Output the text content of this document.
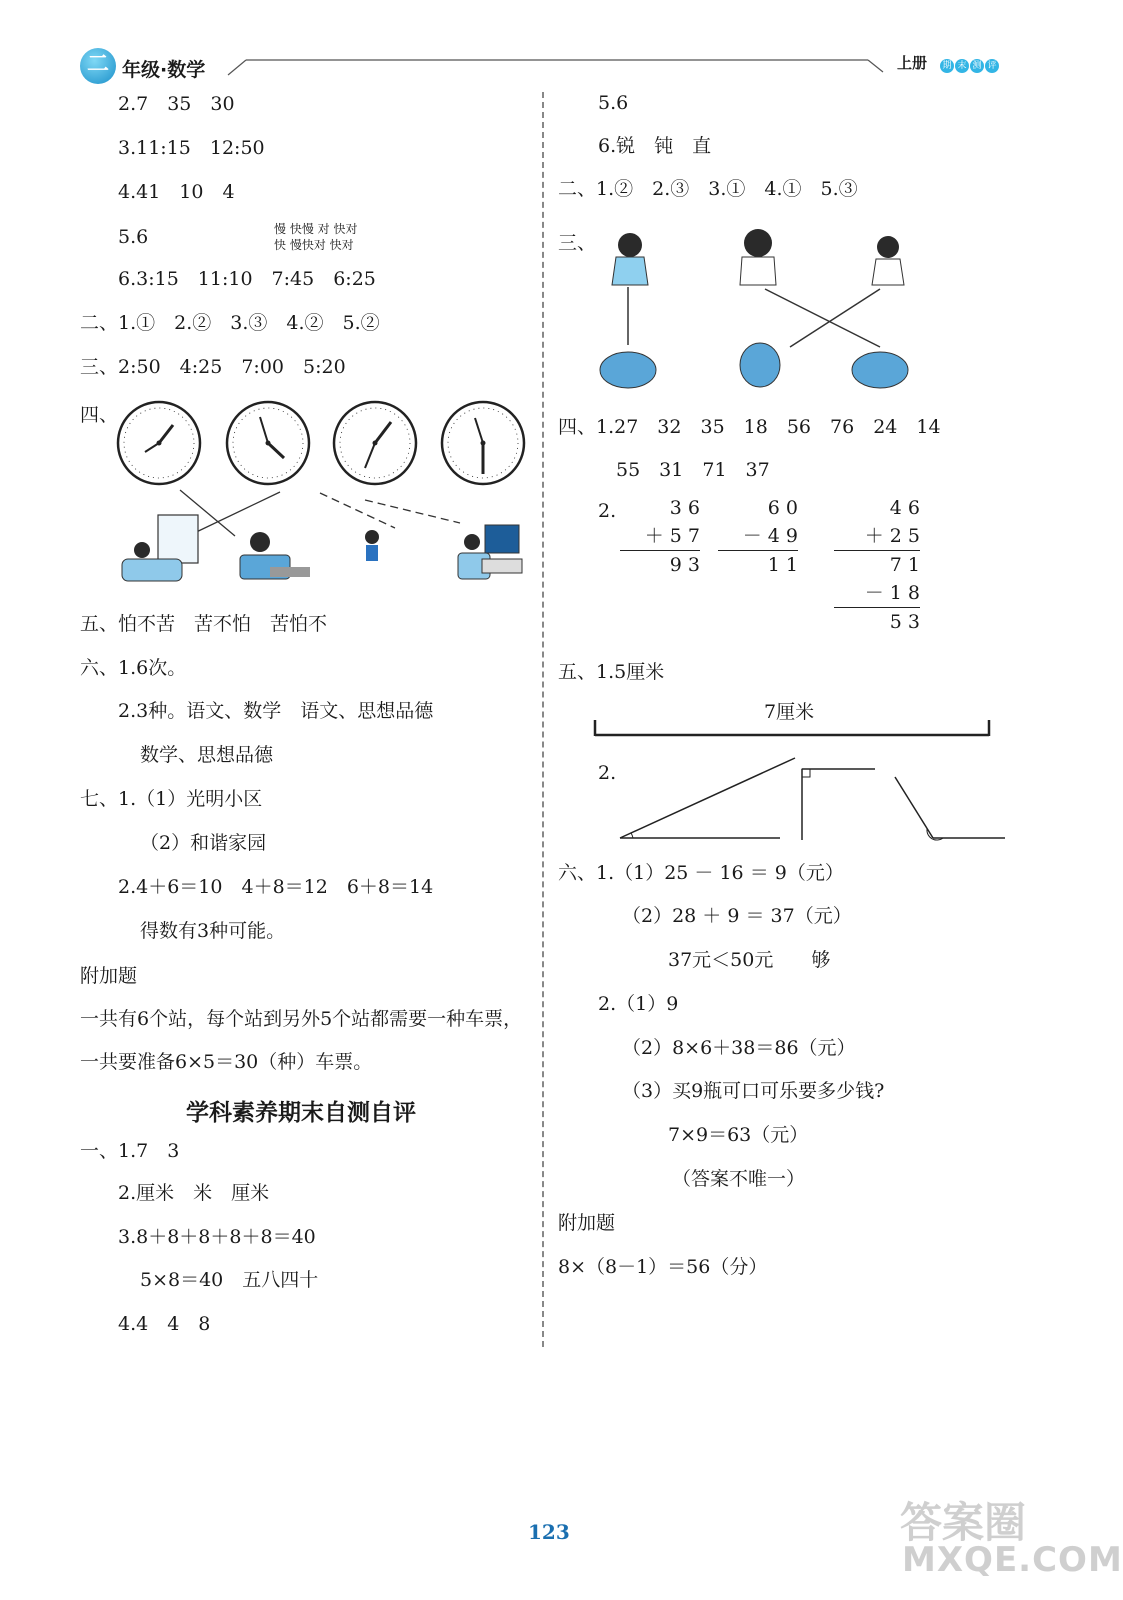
二 年级·数学	上册 期 末 测 评
2.7　35　30
3.11:15　12:50
4.41　10　4
5.6	慢 快慢 对 快对
快 慢快对 快对
6.3:15　11:10　7:45　6:25
二、1.①　2.②　3.③　4.②　5.②
三、2:50　4:25　7:00　5:20
四、
五、怕不苦　苦不怕　苦怕不
六、1.6次。
2.3种。语文、数学　语文、思想品德
数学、思想品德
七、1.（1）光明小区
（2）和谐家园
2.4＋6＝10　4＋8＝12　6＋8＝14
得数有3种可能。
附加题
一共有6个站，每个站到另外5个站都需要一种车票，
一共要准备6×5＝30（种）车票。
学科素养期末自测自评
一、1.7　3
2.厘米　米　厘米
3.8＋8＋8＋8＋8＝40
5×8＝40　五八四十
4.4　4　8
5.6
6.锐　钝　直
二、1.②　2.③　3.①　4.①　5.③
三、
四、1.27　32　35　18　56　76　24　14
55　31　71　37
2.	3 6
＋ 5 7
9 3
6 0
－ 4 9
1 1
4 6
＋ 2 5
7 1
－ 1 8
5 3
五、1.5厘米
7厘米
2.
六、1.（1）25 － 16 ＝ 9（元）
（2）28 ＋ 9 ＝ 37（元）
37元＜50元　　够
2.（1）9
（2）8×6＋38＝86（元）
（3）买9瓶可口可乐要多少钱?
7×9＝63（元）
（答案不唯一）
附加题
8×（8－1）＝56（分）
123	答案圈
MXQE.COM
